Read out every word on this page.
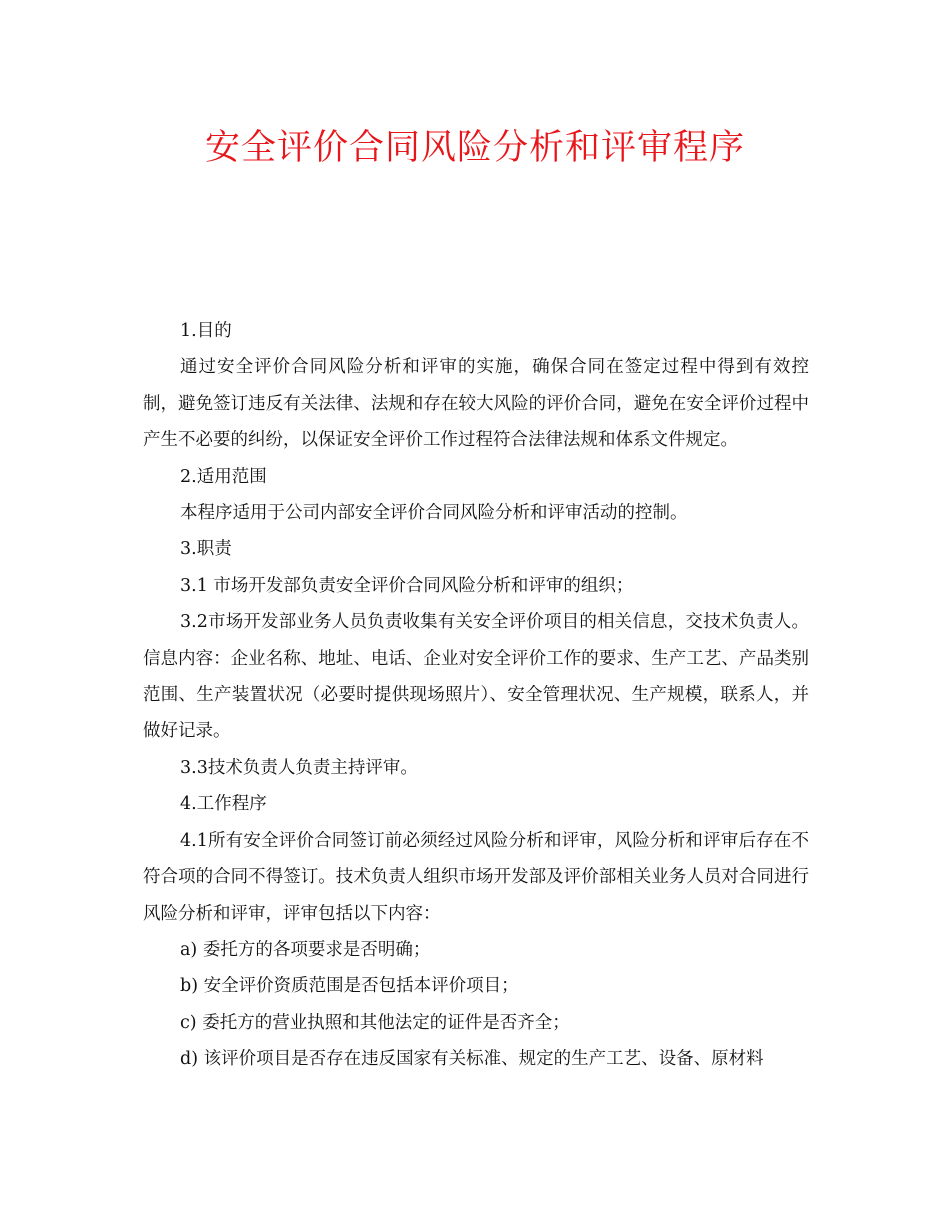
安全评价合同风险分析和评审程序

1.目的

通过安全评价合同风险分析和评审的实施，确保合同在签定过程中得到有效控制，避免签订违反有关法律、法规和存在较大风险的评价合同，避免在安全评价过程中产生不必要的纠纷，以保证安全评价工作过程符合法律法规和体系文件规定。

2.适用范围

本程序适用于公司内部安全评价合同风险分析和评审活动的控制。

3.职责

3.1 市场开发部负责安全评价合同风险分析和评审的组织；

3.2市场开发部业务人员负责收集有关安全评价项目的相关信息，交技术负责人。信息内容：企业名称、地址、电话、企业对安全评价工作的要求、生产工艺、产品类别范围、生产装置状况（必要时提供现场照片）、安全管理状况、生产规模，联系人，并做好记录。

3.3技术负责人负责主持评审。

4.工作程序

4.1所有安全评价合同签订前必须经过风险分析和评审，风险分析和评审后存在不符合项的合同不得签订。技术负责人组织市场开发部及评价部相关业务人员对合同进行风险分析和评审，评审包括以下内容：

a) 委托方的各项要求是否明确；

b) 安全评价资质范围是否包括本评价项目；

c) 委托方的营业执照和其他法定的证件是否齐全；

d) 该评价项目是否存在违反国家有关标准、规定的生产工艺、设备、原材料
